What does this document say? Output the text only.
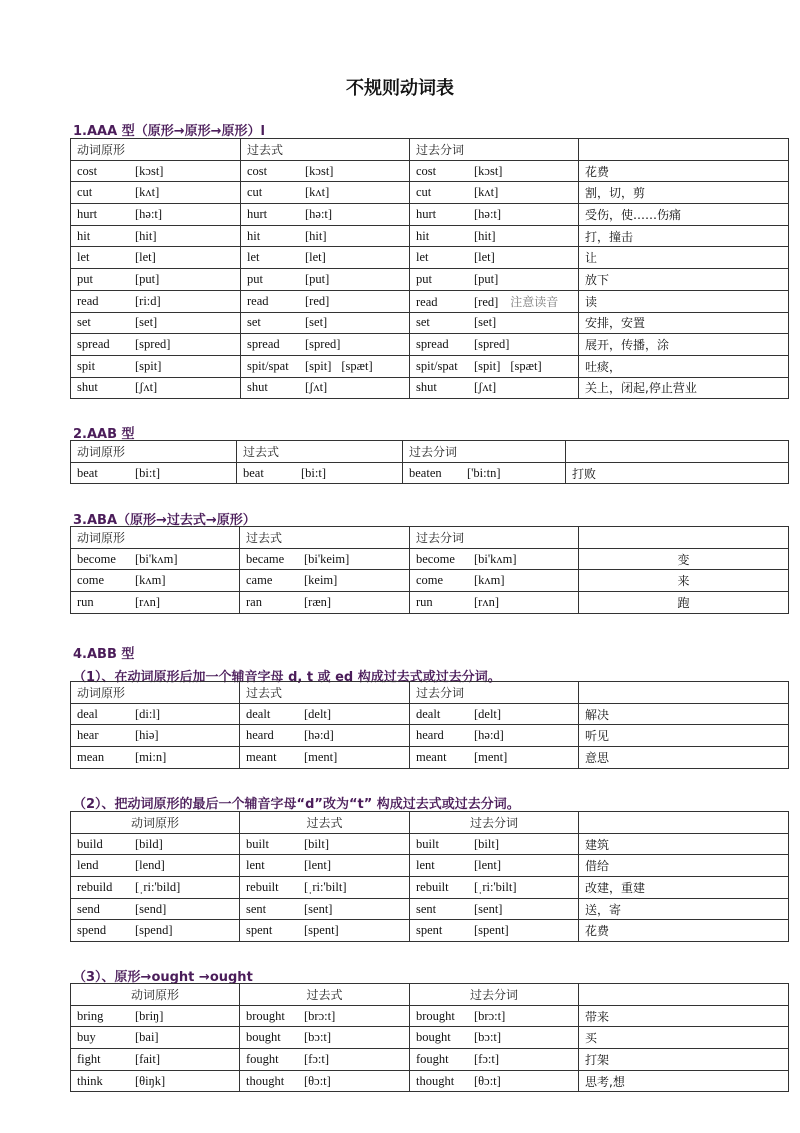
不规则动词表
1.AAA 型（原形→原形→原形）l
动词原形	过去式	过去分词	
cost [kɔst]	cost [kɔst]	cost [kɔst]	花费
cut [kʌt]	cut [kʌt]	cut [kʌt]	割，切，剪
hurt [hə:t]	hurt [hə:t]	hurt [hə:t]	受伤，使……伤痛
hit [hit]	hit [hit]	hit [hit]	打，撞击
let [let]	let [let]	let [let]	让
put [put]	put [put]	put [put]	放下
read [ri:d]	read [red]	read [red] 注意读音	读
set [set]	set [set]	set [set]	安排，安置
spread [spred]	spread [spred]	spread [spred]	展开，传播，涂
spit [spit]	spit/spat [spit] [spæt]	spit/spat [spit] [spæt]	吐痰，
shut [ʃʌt]	shut [ʃʌt]	shut [ʃʌt]	关上，闭起,停止营业
2.AAB 型
动词原形	过去式	过去分词	
beat [bi:t]	beat [bi:t]	beaten ['bi:tn]	打败
3.ABA（原形→过去式→原形）
动词原形	过去式	过去分词	
become [bi'kʌm]	became [bi'keim]	become [bi'kʌm]	变
come [kʌm]	came [keim]	come [kʌm]	来
run [rʌn]	ran [ræn]	run [rʌn]	跑
4.ABB 型
（1）、在动词原形后加一个辅音字母 d, t 或 ed 构成过去式或过去分词。
动词原形	过去式	过去分词	
deal [di:l]	dealt [delt]	dealt [delt]	解决
hear [hiə]	heard [hə:d]	heard [hə:d]	听见
mean [mi:n]	meant [ment]	meant [ment]	意思
（2）、把动词原形的最后一个辅音字母“d”改为“t” 构成过去式或过去分词。
动词原形	过去式	过去分词	
build [bild]	built [bilt]	built [bilt]	建筑
lend [lend]	lent [lent]	lent [lent]	借给
rebuild [ˌri:'bild]	rebuilt [ˌri:'bilt]	rebuilt [ˌri:'bilt]	改建，重建
send [send]	sent [sent]	sent [sent]	送，寄
spend [spend]	spent [spent]	spent [spent]	花费
（3）、原形→ought →ought
动词原形	过去式	过去分词	
bring [briŋ]	brought [brɔ:t]	brought [brɔ:t]	带来
buy [bai]	bought [bɔ:t]	bought [bɔ:t]	买
fight [fait]	fought [fɔ:t]	fought [fɔ:t]	打架
think [θiŋk]	thought [θɔ:t]	thought [θɔ:t]	思考,想
